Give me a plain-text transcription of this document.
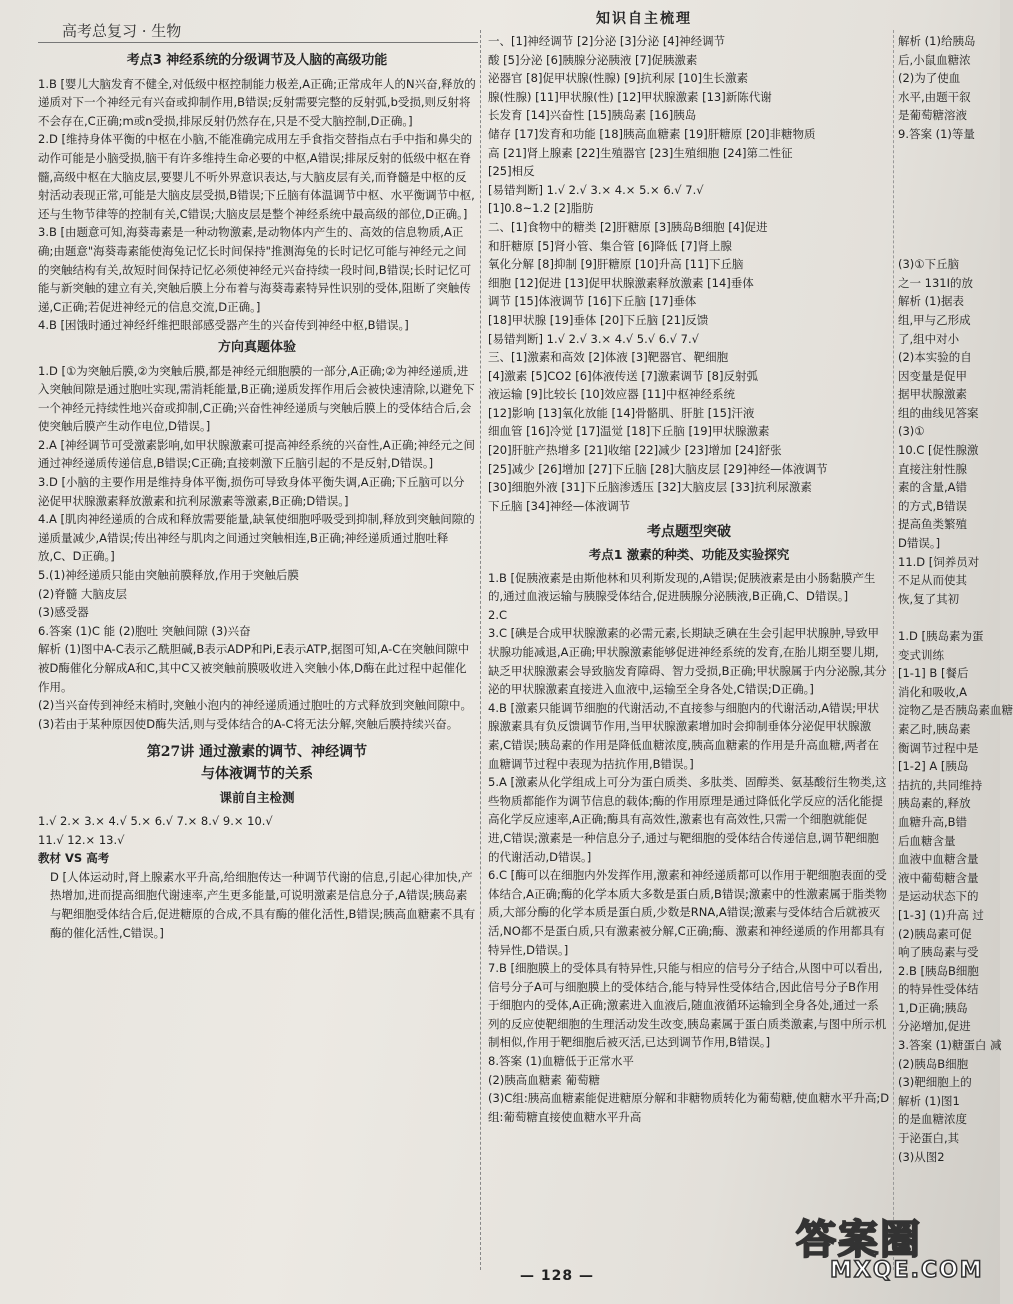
高考总复习 · 生物
考点3 神经系统的分级调节及人脑的高级功能

1.B [婴儿大脑发育不健全,对低级中枢控制能力极差,A正确;正常成年人的N兴奋,释放的递质对下一个神经元有兴奋或抑制作用,B错误;反射需要完整的反射弧,b受损,则反射将不会存在,C正确;m或n受损,排尿反射仍然存在,只是不受大脑控制,D正确。]

2.D [维持身体平衡的中枢在小脑,不能准确完成用左手食指交替指点右手中指和鼻尖的动作可能是小脑受损,脑干有许多维持生命必要的中枢,A错误;排尿反射的低级中枢在脊髓,高级中枢在大脑皮层,要婴儿不听外界意识表达,与大脑皮层有关,而脊髓是中枢的反射活动表现正常,可能是大脑皮层受损,B错误;下丘脑有体温调节中枢、水平衡调节中枢,还与生物节律等的控制有关,C错误;大脑皮层是整个神经系统中最高级的部位,D正确。]

3.B [由题意可知,海葵毒素是一种动物激素,是动物体内产生的、高效的信息物质,A正确;由题意"海葵毒素能使海兔记忆长时间保持"推测海兔的长时记忆可能与神经元之间的突触结构有关,故短时间保持记忆必须使神经元兴奋持续一段时间,B错误;长时记忆可能与新突触的建立有关,突触后膜上分布着与海葵毒素特异性识别的受体,阻断了突触传递,C正确;若促进神经元的信息交流,D正确。]

4.B [困饿时通过神经纤维把眼部感受器产生的兴奋传到神经中枢,B错误。]

方向真题体验

1.D [①为突触后膜,②为突触后膜,都是神经元细胞膜的一部分,A正确;②为神经递质,进入突触间隙是通过胞吐实现,需消耗能量,B正确;递质发挥作用后会被快速清除,以避免下一个神经元持续性地兴奋或抑制,C正确;兴奋性神经递质与突触后膜上的受体结合后,会使突触后膜产生动作电位,D错误。]

2.A [神经调节可受激素影响,如甲状腺激素可提高神经系统的兴奋性,A正确;神经元之间通过神经递质传递信息,B错误;C正确;直接刺激下丘脑引起的不是反射,D错误。]

3.D [小脑的主要作用是维持身体平衡,损伤可导致身体平衡失调,A正确;下丘脑可以分泌促甲状腺激素释放激素和抗利尿激素等激素,B正确;D错误。]

4.A [肌肉神经递质的合成和释放需要能量,缺氧使细胞呼吸受到抑制,释放到突触间隙的递质量减少,A错误;传出神经与肌肉之间通过突触相连,B正确;神经递质通过胞吐释放,C、D正确。]

5.(1)神经递质只能由突触前膜释放,作用于突触后膜

(2)脊髓 大脑皮层

(3)感受器

6.答案 (1)C 能 (2)胞吐 突触间隙 (3)兴奋

解析 (1)图中A-C表示乙酰胆碱,B表示ADP和Pi,E表示ATP,据图可知,A-C在突触间隙中被D酶催化分解成A和C,其中C又被突触前膜吸收进入突触小体,D酶在此过程中起催化作用。

(2)当兴奋传到神经末梢时,突触小泡内的神经递质通过胞吐的方式释放到突触间隙中。

(3)若由于某种原因使D酶失活,则与受体结合的A-C将无法分解,突触后膜持续兴奋。

第27讲 通过激素的调节、神经调节
与体液调节的关系
课前自主检测

1.√ 2.× 3.× 4.√ 5.× 6.√ 7.× 8.√ 9.× 10.√

11.√ 12.× 13.√

教材 VS 高考

D [人体运动时,肾上腺素水平升高,给细胞传达一种调节代谢的信息,引起心律加快,产热增加,进而提高细胞代谢速率,产生更多能量,可说明激素是信息分子,A错误;胰岛素与靶细胞受体结合后,促进糖原的合成,不具有酶的催化活性,B错误;胰高血糖素不具有酶的催化活性,C错误。]

知识自主梳理

一、[1]神经调节 [2]分泌 [3]分泌 [4]神经调节

酸 [5]分泌 [6]胰腺分泌胰液 [7]促胰激素

泌器官 [8]促甲状腺(性腺) [9]抗利尿 [10]生长激素

腺(性腺) [11]甲状腺(性) [12]甲状腺激素 [13]新陈代谢

长发育 [14]兴奋性 [15]胰岛素 [16]胰岛

储存 [17]发育和功能 [18]胰高血糖素 [19]肝糖原 [20]非糖物质

高 [21]肾上腺素 [22]生殖器官 [23]生殖细胞 [24]第二性征

[25]相反

[易错判断] 1.√ 2.√ 3.× 4.× 5.× 6.√ 7.√

[1]0.8~1.2 [2]脂肪

二、[1]食物中的糖类 [2]肝糖原 [3]胰岛B细胞 [4]促进

和肝糖原 [5]肾小管、集合管 [6]降低 [7]肾上腺

氧化分解 [8]抑制 [9]肝糖原 [10]升高 [11]下丘脑

细胞 [12]促进 [13]促甲状腺激素释放激素 [14]垂体

调节 [15]体液调节 [16]下丘脑 [17]垂体

[18]甲状腺 [19]垂体 [20]下丘脑 [21]反馈

[易错判断] 1.√ 2.√ 3.× 4.√ 5.√ 6.√ 7.√

三、[1]激素和高效 [2]体液 [3]靶器官、靶细胞

[4]激素 [5]CO2 [6]体液传送 [7]激素调节 [8]反射弧

液运输 [9]比较长 [10]效应器 [11]中枢神经系统

[12]影响 [13]氧化放能 [14]骨骼肌、肝脏 [15]汗液

细血管 [16]冷觉 [17]温觉 [18]下丘脑 [19]甲状腺激素

[20]肝脏产热增多 [21]收缩 [22]减少 [23]增加 [24]舒张

[25]减少 [26]增加 [27]下丘脑 [28]大脑皮层 [29]神经—体液调节

[30]细胞外液 [31]下丘脑渗透压 [32]大脑皮层 [33]抗利尿激素

下丘脑 [34]神经—体液调节

考点题型突破
考点1 激素的种类、功能及实验探究

1.B [促胰液素是由斯他林和贝利斯发现的,A错误;促胰液素是由小肠黏膜产生的,通过血液运输与胰腺受体结合,促进胰腺分泌胰液,B正确,C、D错误。]

2.C

3.C [碘是合成甲状腺激素的必需元素,长期缺乏碘在生会引起甲状腺肿,导致甲状腺功能减退,A正确;甲状腺激素能够促进神经系统的发育,在胎儿期至婴儿期,缺乏甲状腺激素会导致脑发育障碍、智力受损,B正确;甲状腺属于内分泌腺,其分泌的甲状腺激素直接进入血液中,运输至全身各处,C错误;D正确。]

4.B [激素只能调节细胞的代谢活动,不直接参与细胞内的代谢活动,A错误;甲状腺激素具有负反馈调节作用,当甲状腺激素增加时会抑制垂体分泌促甲状腺激素,C错误;胰岛素的作用是降低血糖浓度,胰高血糖素的作用是升高血糖,两者在血糖调节过程中表现为拮抗作用,B错误。]

5.A [激素从化学组成上可分为蛋白质类、多肽类、固醇类、氨基酸衍生物类,这些物质都能作为调节信息的载体;酶的作用原理是通过降低化学反应的活化能提高化学反应速率,A正确;酶具有高效性,激素也有高效性,只需一个细胞就能促进,C错误;激素是一种信息分子,通过与靶细胞的受体结合传递信息,调节靶细胞的代谢活动,D错误。]

6.C [酶可以在细胞内外发挥作用,激素和神经递质都可以作用于靶细胞表面的受体结合,A正确;酶的化学本质大多数是蛋白质,B错误;激素中的性激素属于脂类物质,大部分酶的化学本质是蛋白质,少数是RNA,A错误;激素与受体结合后就被灭活,NO都不是蛋白质,只有激素被分解,C正确;酶、激素和神经递质的作用都具有特异性,D错误。]

7.B [细胞膜上的受体具有特异性,只能与相应的信号分子结合,从图中可以看出,信号分子A可与细胞膜上的受体结合,能与特异性受体结合,因此信号分子B作用于细胞内的受体,A正确;激素进入血液后,随血液循环运输到全身各处,通过一系列的反应使靶细胞的生理活动发生改变,胰岛素属于蛋白质类激素,与图中所示机制相似,作用于靶细胞后被灭活,已达到调节作用,B错误。]

8.答案 (1)血糖低于正常水平

(2)胰高血糖素 葡萄糖

(3)C组:胰高血糖素能促进糖原分解和非糖物质转化为葡萄糖,使血糖水平升高;D组:葡萄糖直接使血糖水平升高

解析 (1)给胰岛

后,小鼠血糖浓

(2)为了使血

水平,由题干叙

是葡萄糖溶液

9.答案 (1)等量

(3)①下丘脑

之一 131I的放

解析 (1)据表

组,甲与乙形成

了,组中对小

(2)本实验的自

因变量是促甲

据甲状腺激素

组的曲线见答案

(3)①

10.C [促性腺激

直接注射性腺

素的含量,A错

的方式,B错误

提高鱼类繁殖

D错误。]

11.D [饲养员对

不足从而使其

恢,复了其初

1.D [胰岛素为蛋

变式训练

[1-1] B [餐后

消化和吸收,A

淀物乙是否胰岛素血糖

素乙时,胰岛素

衡调节过程中是

[1-2] A [胰岛

拮抗的,共同维持

胰岛素的,释放

血糖升高,B错

后血糖含量

血液中血糖含量

液中葡萄糖含量

是运动状态下的

[1-3] (1)升高 过

(2)胰岛素可促

响了胰岛素与受

2.B [胰岛B细胞

的特异性受体结

1,D正确;胰岛

分泌增加,促进

3.答案 (1)糖蛋白 减

(2)胰岛B细胞

(3)靶细胞上的

解析 (1)图1

的是血糖浓度

于泌蛋白,其

(3)从图2

— 128 —
答案圈
MXQE.COM
